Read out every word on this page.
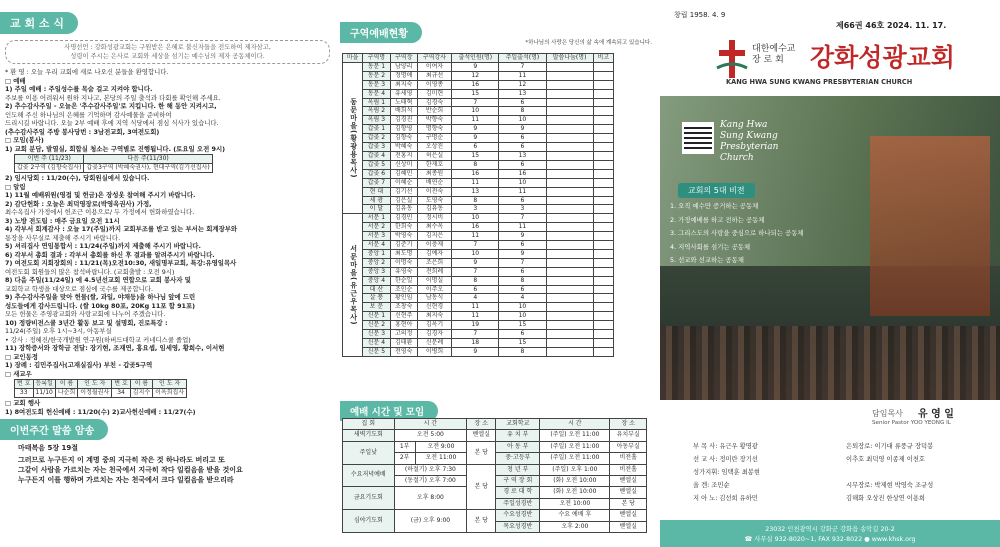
교 회 소 식
사명선언 : 강화성광교회는 구원받은 은혜로 불신자들을 전도하여 제자삼고,
성령이 주시는 은사로 교회와 세상을 섬기는 예수님의 제자 공동체이다.
* 환 영 : 오늘 우리 교회에 새로 나오신 분들을 환영합니다.
□ 예배
1) 주일 예배 : 주일성수를 목숨 걸고 지켜야 합니다.
주보를 이용 어려워서 원하 지나고, 본당의 주일 출석과 다회를 확인해 주세요.
2) 추수감사주일 - 오늘은 '추수감사주일'로 지킵니다. 한 해 동안 지켜시고,
인도해 주신 하나님의 은혜를 기억하며 감사예물을 준비하여
드리시길 바랍니다. 오늘 2부 예배 후에 지역 식당에서 점심 식사가 있습니다.
(추수감사주일 주방 봉사당번 : 3남전교회, 3여전도회)
□ 모임(봉사)
1) 교회 분담, 발열실, 회합실 청소는 구역별로 진행됩니다. (토요일 오전 9시)
이번 주 (11/23)	다음 주(11/30)
갑곶 2구역 (김향숙집사)	갑곶3구역 (박혜숙권사), 현대구역(김기선집사)
2) 임시당회 : 11/20(수), 당회원실에서 있습니다.
□ 알림
1) 11월 예배위원(영접 및 헌금)은 장성옷 참여해 주시기 바랍니다.
2) 감단헌화 : 오늘은 최덕영장로(박영옥권사) 가정,
최수옥집사 가정에서 헌조근 이용으로/ 두 가정에서 헌화하였습니다.
3) 노방 전도팀 : 매주 금요일 오전 11시
4) 각부서 회계감사 : 오늘 17(주일)까지 교회부조를 받고 있는 부서는 회계장부와
통장을 사무실로 제출해 주시기 바랍니다.
5) 셔리집사 연임통합서 : 11/24(주일)까지 제출해 주시기 바랍니다.
6) 각부서 총회 결과 : 각부서 총회를 하신 후 결과를 알려주시기 바랍니다.
7) 여전도회 지회장회의 : 11/21(목)오전10:30, 새일명부교회, 특강:유영일목사
여전도회 회원들의 많은 참석바랍니다. (교회출발 : 오전 9시)
8) 다음 주일(11/24일) 에 4.5년선교회 연합으로 교회 봉사자 및
교회학교 학생을 대상으로 점심에 국수를 제공합니다.
9) 추수감사주일을 맞아 헌물(쌀, 과일, 야채등)을 하나님 앞에 드린
성도들에게 감사드립니다. (쌀 10kg 80포, 20Kg 11포 합 91포)
모든 헌물은 주영광교회와 사랑교회에 나누어 주겠습니다.
10) 정량비전스쿨 3년간 활동 보고 및 설명회, 진로특강 :
11/24(주일) 오후 1시~3시, 아동부실
• 강사 : 정혜진/한국개발원 연구원(하버드대학교 커네디스쿨 졸업)
11) 장학증서와 장학금 전달: 장기현, 조재연, 홍요셉, 임세영, 황희수, 이서현
□ 교인동정
1) 장례 : 김민주집사(고재실집사) 부친 - 갑곶5구역
□ 새교우
번 호	등록일	이 름	인 도 자	번 호	이 름	인 도 자
33	11/10	나순희	이정월권사	34	김지수	이옥희집사
□ 교회 행사
1) 8여전도회 헌신예배 : 11/20(수) 2)교사헌신예배 : 11/27(수)
이번주간 말씀 암송
마태복음 5장 19절
그러므로 누구든지 이 계명 중의 지극히 작은 것 하나라도 버리고 또
그같이 사람을 가르치는 자는 천국에서 지극히 작다 일컬음을 받을 것이요
누구든지 이를 행하며 가르치는 자는 천국에서 크다 일컬음을 받으리라
구역예배현황
*하나님의 사랑은 당신의 삶 속에 계속되고 있습니다.
마을	구역명	구역장	구역강사	출석인원(명)	주일출석(명)	말씀나눔(명)	비고
동문마을(황광용목사)	동문 1	남양리	이여자	9	7		
	동문 2	정명애	최규선	12	11		
	동문 3	최지숙	이영종	16	12		
	동문 4	유세영	김미현	15	13		
	옥림 1	노태혁	김경숙	7	6		
	옥림 2	배희석	반순희	10	8		
	옥림 3	김경진	박향숙	11	10		
	갑곶 1	김향영	명향숙	9	9		
	갑곶 2	김향숙	구명순	9	6		
	갑곶 3	박혜숙	오상진	6	6		
	갑곶 4	전홍지	허은실	15	13		
	갑곶 5	신상미	한재호	8	6		
	갑곶 6	김혜민	최종원	16	16		
	갑곶 7	이혜순	배연순	11	10		
	현 대	김기선	이전숙	13	11		
	세 광	김은실	도영숙	8	6		
	이 달	김유동	김유동	3	3		
서문마을(유근우목사)	서문 1	김경민	정시비	10	7		
	서문 2	한희숙	최수옥	16	11		
	서문 3	박영숙	김지은	11	9		
	서문 4	김준기	이충재	7	6		
	중앙 1	최도명	김예자	10	9		
	중앙 2	이명숙	조은희	9	7		
	중앙 3	유영숙	전희례	7	6		
	중앙 4	한순일	이명실	8	8		
	대 산	조인순	이주오	6	6		
	살 풍	황인임	남동식	4	4		
	보 문	조창숙	신현경	11	10		
	신문 1	신현주	최지숙	11	10		
	신문 2	홍현아	김옥기	19	15		
	신문 3	고의정	김경자	7	6		
	신문 4	김태환	신문례	18	15		
	신문 5	전영숙	이병희	9	8		
예배 시간 및 모임
집 회	시 간		장 소	교회학교	시 간	장 소
새벽기도회	오전 5:00		벧엘실	유 치 부	(주일) 오전 11:00	유치부실
주일낮	1부	오전 9:00	본 당	아 동 부	(주일) 오전 11:00	아동부실
	2부	오전 11:00		중·고등부	(주일) 오전 11:00	비전홀
수요저녁예배	(하절기) 오후 7:30		본 당	청 년 부	(주일) 오후 1:00	비전홀
	(동절기) 오후 7:00			구 역 장 회	(화) 오전 10:00	벧엘실
금요기도회	오후 8:00			경 로 대 학	(화) 오전 10:00	벧엘실
				주일성경반	오전 10:00	본 당
심야기도회	(금) 오후 9:00		본 당	수요성경반	수요 예배 후	벧엘실
				목요성경반	오후 2:00	벧엘실
창립 1958. 4. 9
제66권 46호 2024. 11. 17.
대한예수교
장 로 회	강화성광교회
KANG HWA SUNG KWANG PRESBYTERIAN CHURCH
Kang Hwa
Sung Kwang
Presbyterian
Church
교회의 5대 비전
1. 오직 예수만 증거하는 공동체
2. 가정예배를 하고 전하는 공동체
3. 그리스도의 사랑을 중심으로 하나되는 공동체
4. 지역사회를 섬기는 공동체
5. 선교와 선교하는 공동체
담임목사 유 영 일
Senior Pastor YOO YEONG IL
부 목 사: 유근우 황명광
선 교 사: 정미란 장기선
성가지휘: 임택훈 최봉현
올 겐: 조민순
지 아 노: 김선희 유하민
은퇴장로: 이기대 류풍규 장덕봉
이추호 최덕영 이종제 이천호

시무장로: 박제현 박영숙 조규성
김해화 오상진 한상연 이용희
23032 인천광역시 강화군 강화읍 송악길 20-2
☎ 사무실 932-8020~1, FAX 932-8022 ● www.khsk.org
